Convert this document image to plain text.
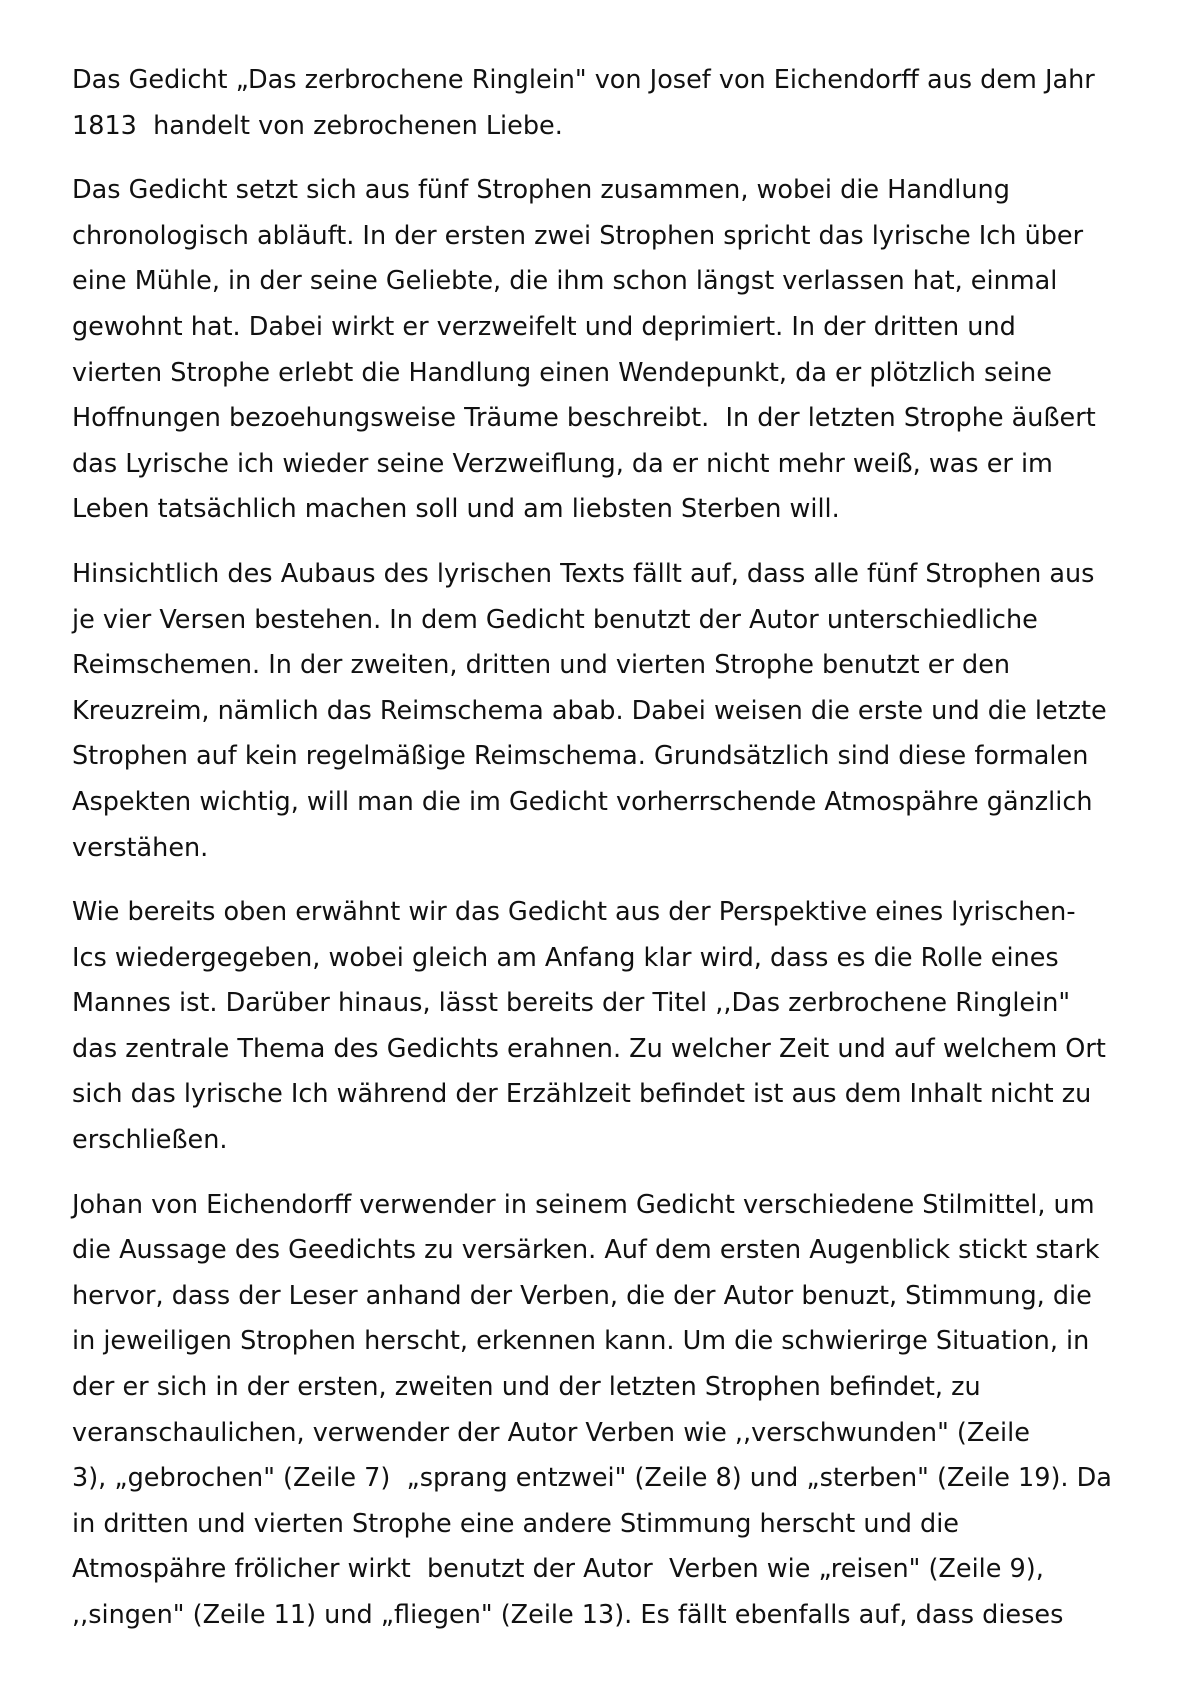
Das Gedicht „Das zerbrochene Ringlein" von Josef von Eichendorff aus dem Jahr
1813  handelt von zebrochenen Liebe.
Das Gedicht setzt sich aus fünf Strophen zusammen, wobei die Handlung
chronologisch abläuft. In der ersten zwei Strophen spricht das lyrische Ich über
eine Mühle, in der seine Geliebte, die ihm schon längst verlassen hat, einmal
gewohnt hat. Dabei wirkt er verzweifelt und deprimiert. In der dritten und
vierten Strophe erlebt die Handlung einen Wendepunkt, da er plötzlich seine
Hoffnungen bezoehungsweise Träume beschreibt.  In der letzten Strophe äußert
das Lyrische ich wieder seine Verzweiflung, da er nicht mehr weiß, was er im
Leben tatsächlich machen soll und am liebsten Sterben will.
Hinsichtlich des Aubaus des lyrischen Texts fällt auf, dass alle fünf Strophen aus
je vier Versen bestehen. In dem Gedicht benutzt der Autor unterschiedliche
Reimschemen. In der zweiten, dritten und vierten Strophe benutzt er den
Kreuzreim, nämlich das Reimschema abab. Dabei weisen die erste und die letzte
Strophen auf kein regelmäßige Reimschema. Grundsätzlich sind diese formalen
Aspekten wichtig, will man die im Gedicht vorherrschende Atmospähre gänzlich
verstähen.
Wie bereits oben erwähnt wir das Gedicht aus der Perspektive eines lyrischen-
Ics wiedergegeben, wobei gleich am Anfang klar wird, dass es die Rolle eines
Mannes ist. Darüber hinaus, lässt bereits der Titel ,,Das zerbrochene Ringlein"
das zentrale Thema des Gedichts erahnen. Zu welcher Zeit und auf welchem Ort
sich das lyrische Ich während der Erzählzeit befindet ist aus dem Inhalt nicht zu
erschließen.
Johan von Eichendorff verwender in seinem Gedicht verschiedene Stilmittel, um
die Aussage des Geedichts zu versärken. Auf dem ersten Augenblick stickt stark
hervor, dass der Leser anhand der Verben, die der Autor benuzt, Stimmung, die
in jeweiligen Strophen herscht, erkennen kann. Um die schwierirge Situation, in
der er sich in der ersten, zweiten und der letzten Strophen befindet, zu
veranschaulichen, verwender der Autor Verben wie ,,verschwunden" (Zeile
3), „gebrochen" (Zeile 7)  „sprang entzwei" (Zeile 8) und „sterben" (Zeile 19). Da
in dritten und vierten Strophe eine andere Stimmung herscht und die
Atmospähre frölicher wirkt  benutzt der Autor  Verben wie „reisen" (Zeile 9),
,,singen" (Zeile 11) und „fliegen" (Zeile 13). Es fällt ebenfalls auf, dass dieses
